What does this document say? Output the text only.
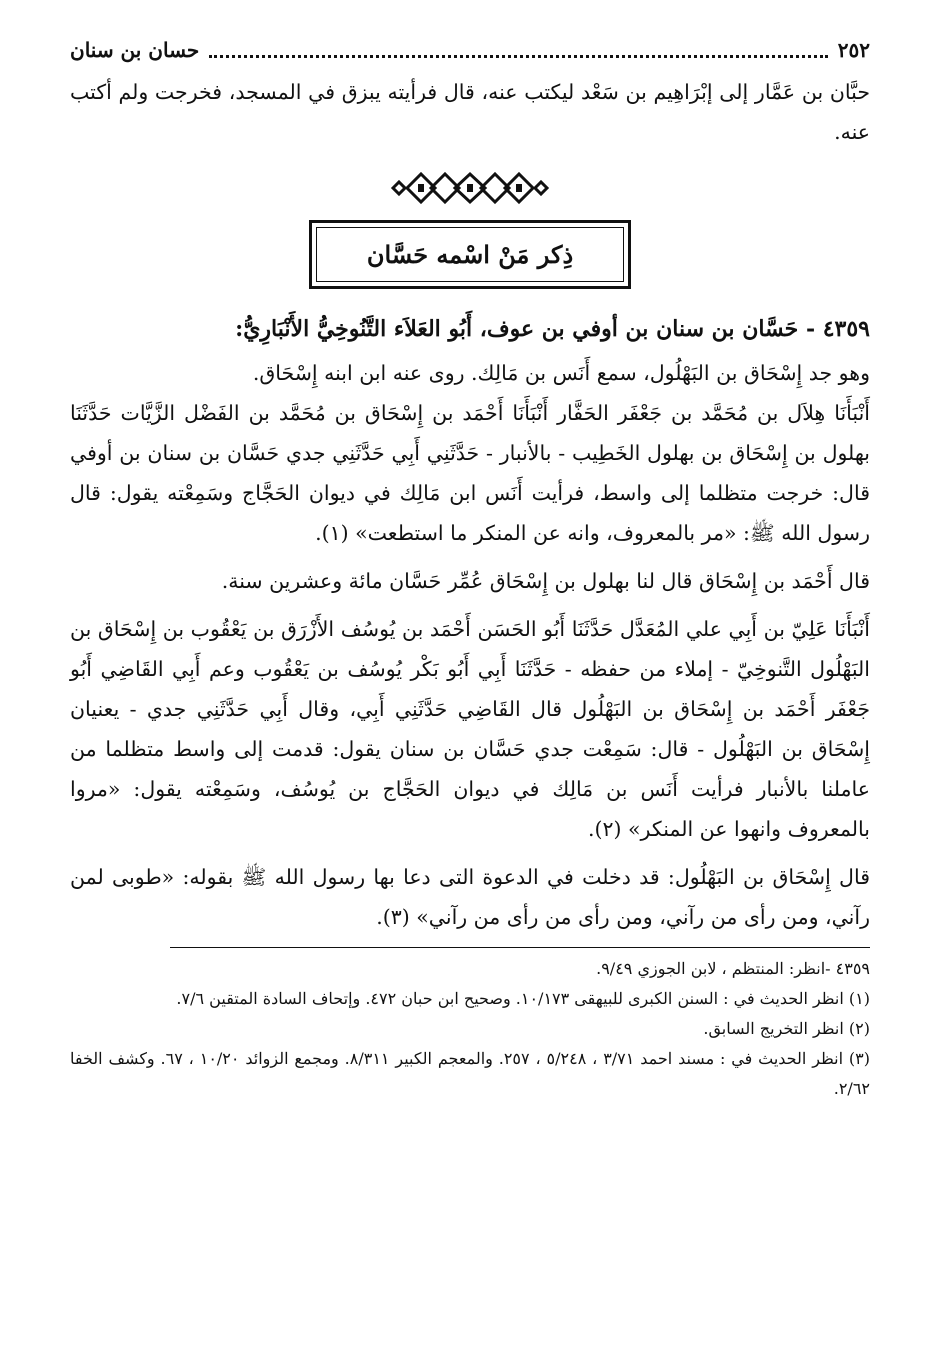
٢٥٢
حسان بن سنان

حبَّان بن عَمَّار إلى إبْرَاهِيم بن سَعْد ليكتب عنه، قال فرأيته يبزق في المسجد، فخرجت ولم أكتب عنه.

ذِكر مَنْ اسْمه حَسَّان
٤٣٥٩ - حَسَّان بن سنان بن أوفي بن عوف، أَبُو العَلاَء التَّنُوخِيُّ الأَنْبَارِيُّ:

وهو جد إِسْحَاق بن البَهْلُول، سمع أَنَس بن مَالِك. روى عنه ابن ابنه إِسْحَاق.

أَنْبَأَنَا هِلاَل بن مُحَمَّد بن جَعْفَر الحَفَّار أَنْبَأَنَا أَحْمَد بن إِسْحَاق بن مُحَمَّد بن الفَضْل الزَّيَّات حَدَّثَنَا بهلول بن إِسْحَاق بن بهلول الخَطِيب - بالأنبار - حَدَّثَنِي أَبِي حَدَّثَنِي جدي حَسَّان بن سنان بن أوفي قال: خرجت متظلما إلى واسط، فرأيت أَنَس ابن مَالِك في ديوان الحَجَّاج وسَمِعْته يقول: قال رسول الله ﷺ: «مر بالمعروف، وانه عن المنكر ما استطعت» (١).

قال أَحْمَد بن إِسْحَاق قال لنا بهلول بن إِسْحَاق عُمِّر حَسَّان مائة وعشرين سنة.

أَنْبَأَنَا عَلِيّ بن أَبِي علي المُعَدَّل حَدَّثَنَا أَبُو الحَسَن أَحْمَد بن يُوسُف الأَزْرَق بن يَعْقُوب بن إِسْحَاق بن البَهْلُول التَّنوخِيّ - إملاء من حفظه - حَدَّثَنَا أَبِي أَبُو بَكْر يُوسُف بن يَعْقُوب وعم أَبِي القَاضِي أَبُو جَعْفَر أَحْمَد بن إِسْحَاق بن البَهْلُول قال القَاضِي حَدَّثَنِي أَبِي، وقال أَبِي حَدَّثَنِي جدي - يعنيان إِسْحَاق بن البَهْلُول - قال: سَمِعْت جدي حَسَّان بن سنان يقول: قدمت إلى واسط متظلما من عاملنا بالأنبار فرأيت أَنَس بن مَالِك في ديوان الحَجَّاج بن يُوسُف، وسَمِعْته يقول: «مروا بالمعروف وانهوا عن المنكر» (٢).

قال إِسْحَاق بن البَهْلُول: قد دخلت في الدعوة التى دعا بها رسول الله ﷺ بقوله: «طوبى لمن رآني، ومن رأى من رآني، ومن رأى من رأى من رآني» (٣).

٤٣٥٩ -انظر: المنتظم ، لابن الجوزي ٩/٤٩.

(١) انظر الحديث في : السنن الكبرى للبيهقى ١٠/١٧٣. وصحيح ابن حبان ٤٧٢. وإتحاف السادة المتقين ٧/٦.

(٢) انظر التخريج السابق.

(٣) انظر الحديث في : مسند احمد ٣/٧١ ، ٥/٢٤٨ ، ٢٥٧. والمعجم الكبير ٨/٣١١. ومجمع الزوائد ١٠/٢٠ ، ٦٧. وكشف الخفا ٢/٦٢.
